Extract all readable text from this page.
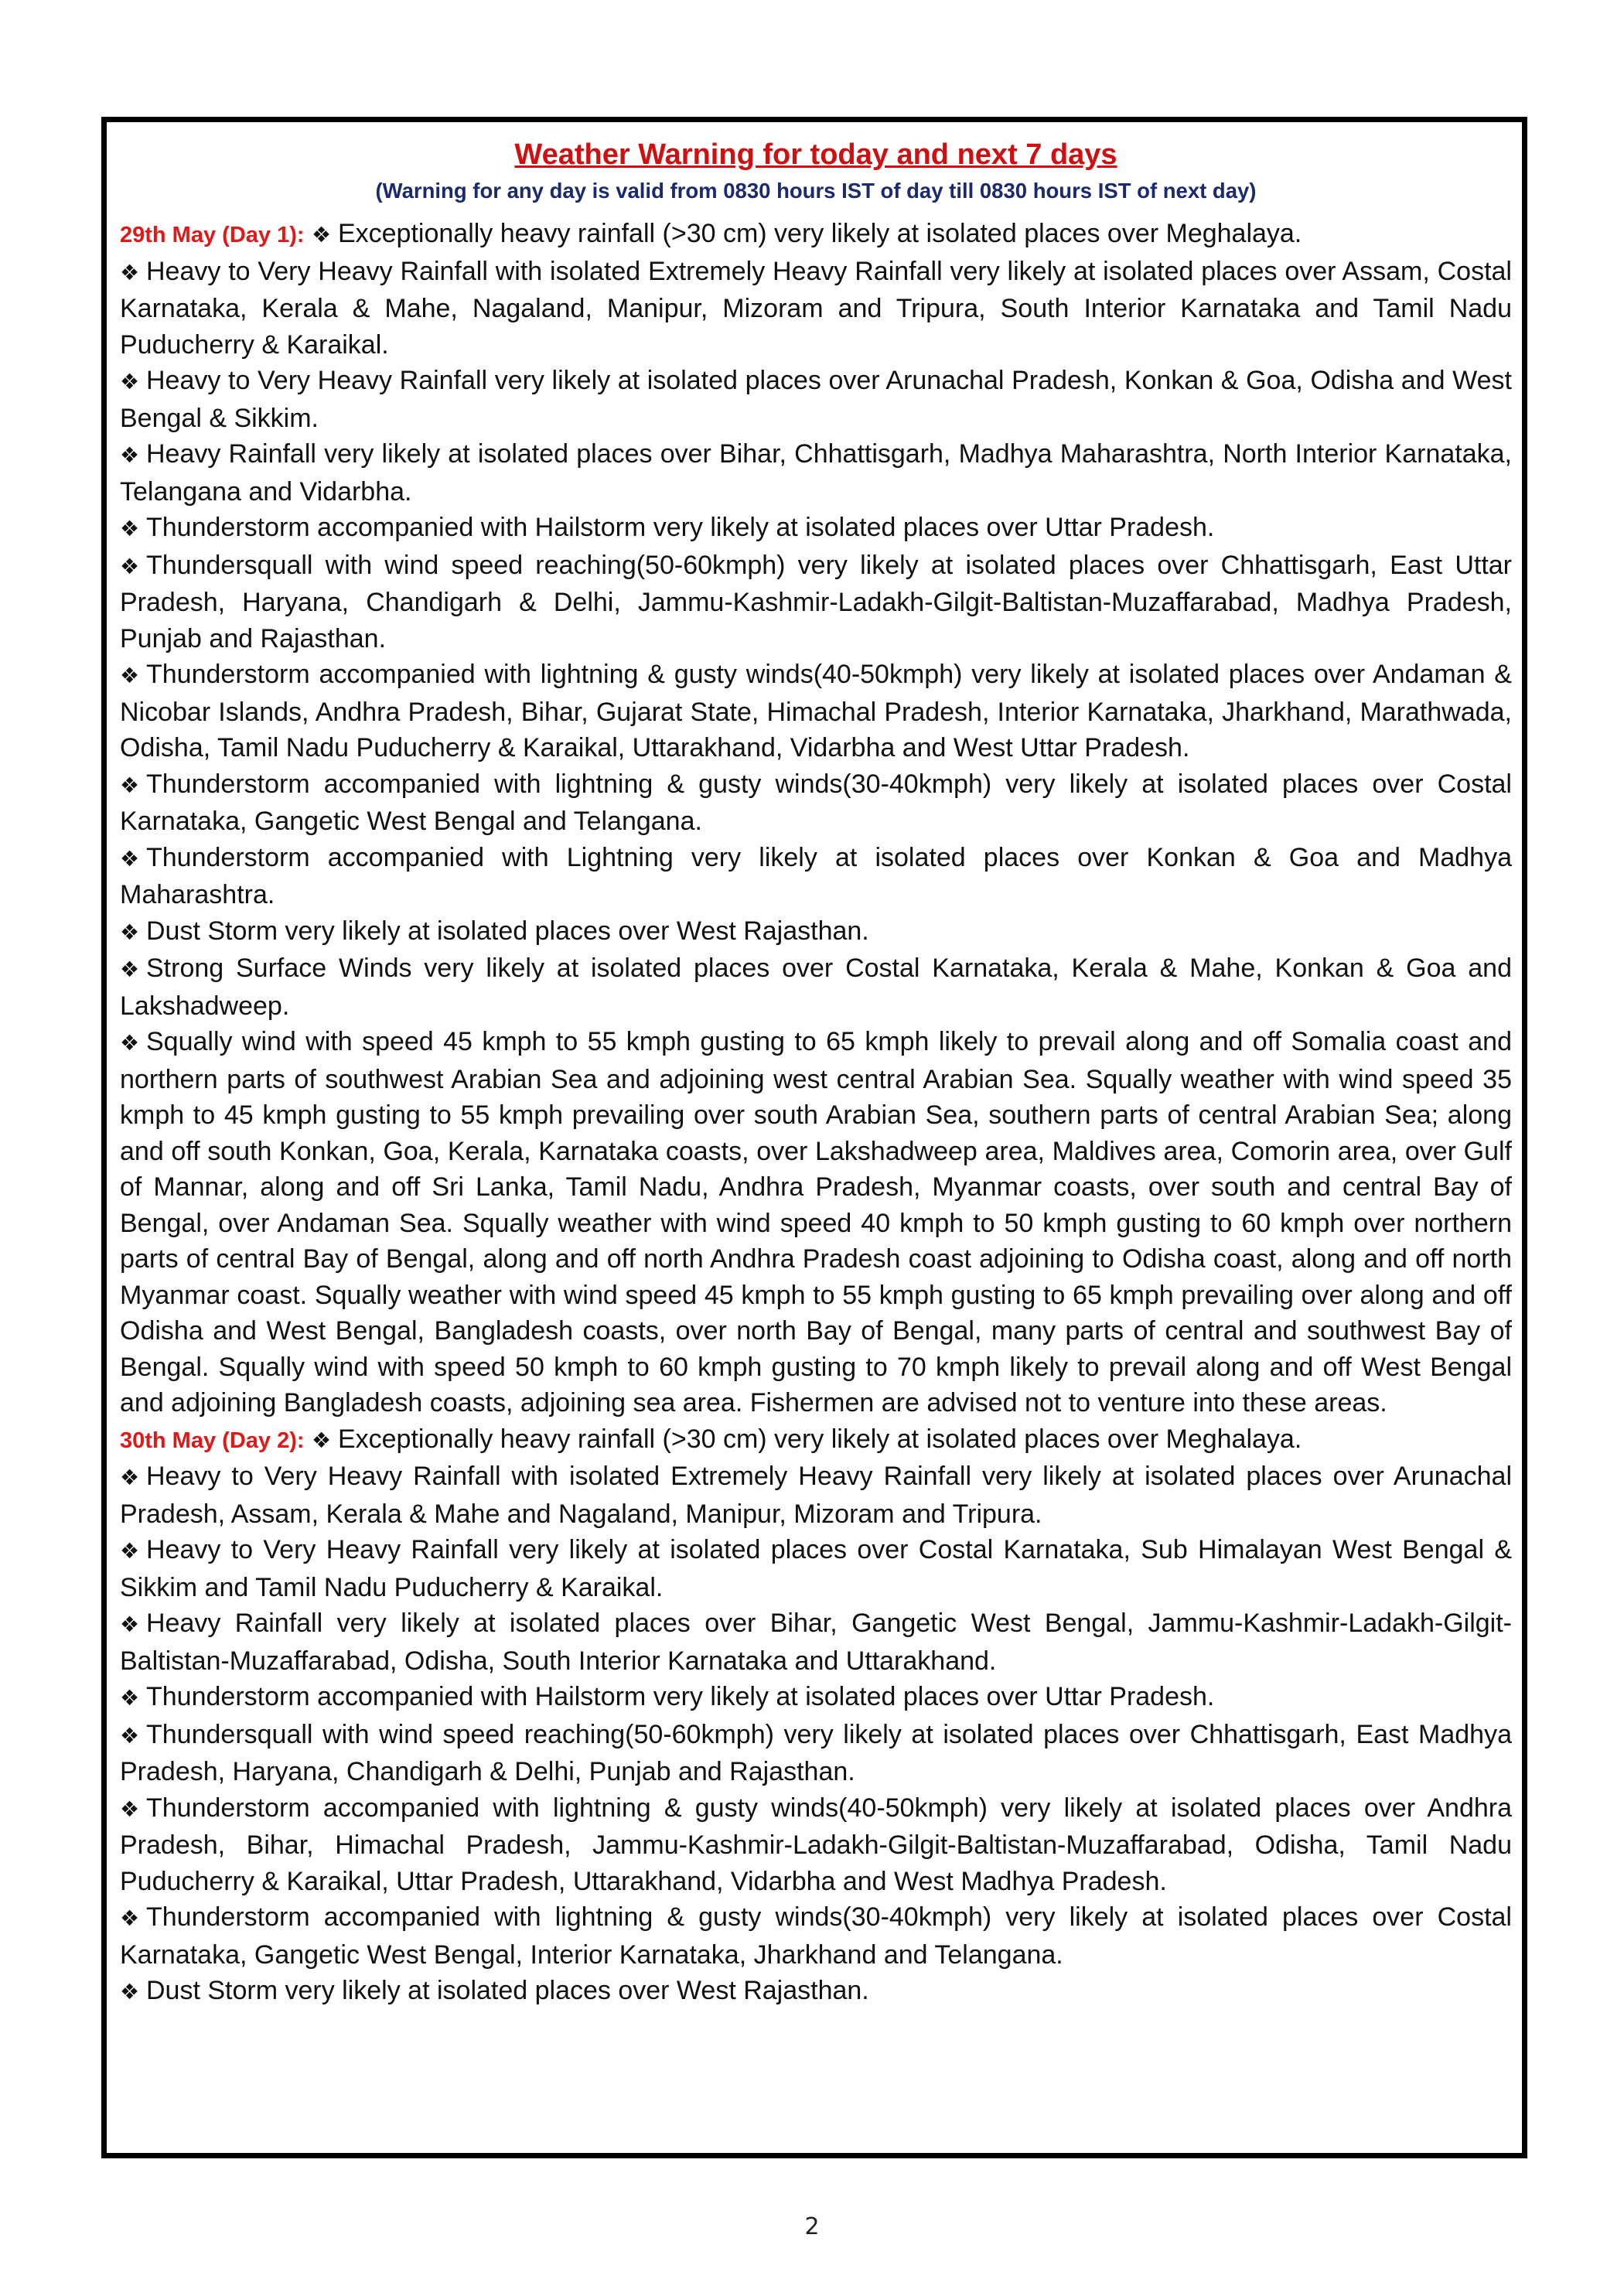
Weather Warning for today and next 7 days

(Warning for any day is valid from 0830 hours IST of day till 0830 hours IST of next day)

29th May (Day 1): ❖ Exceptionally heavy rainfall (>30 cm) very likely at isolated places over Meghalaya.

❖ Heavy to Very Heavy Rainfall with isolated Extremely Heavy Rainfall very likely at isolated places over Assam, Costal Karnataka, Kerala & Mahe, Nagaland, Manipur, Mizoram and Tripura, South Interior Karnataka and Tamil Nadu Puducherry & Karaikal.

❖ Heavy to Very Heavy Rainfall very likely at isolated places over Arunachal Pradesh, Konkan & Goa, Odisha and West Bengal & Sikkim.

❖ Heavy Rainfall very likely at isolated places over Bihar, Chhattisgarh, Madhya Maharashtra, North Interior Karnataka, Telangana and Vidarbha.

❖ Thunderstorm accompanied with Hailstorm very likely at isolated places over Uttar Pradesh.

❖ Thundersquall with wind speed reaching(50-60kmph) very likely at isolated places over Chhattisgarh, East Uttar Pradesh, Haryana, Chandigarh & Delhi, Jammu-Kashmir-Ladakh-Gilgit-Baltistan-Muzaffarabad, Madhya Pradesh, Punjab and Rajasthan.

❖ Thunderstorm accompanied with lightning & gusty winds(40-50kmph) very likely at isolated places over Andaman & Nicobar Islands, Andhra Pradesh, Bihar, Gujarat State, Himachal Pradesh, Interior Karnataka, Jharkhand, Marathwada, Odisha, Tamil Nadu Puducherry & Karaikal, Uttarakhand, Vidarbha and West Uttar Pradesh.

❖ Thunderstorm accompanied with lightning & gusty winds(30-40kmph) very likely at isolated places over Costal Karnataka, Gangetic West Bengal and Telangana.

❖ Thunderstorm accompanied with Lightning very likely at isolated places over Konkan & Goa and Madhya Maharashtra.

❖ Dust Storm very likely at isolated places over West Rajasthan.

❖ Strong Surface Winds very likely at isolated places over Costal Karnataka, Kerala & Mahe, Konkan & Goa and Lakshadweep.

❖ Squally wind with speed 45 kmph to 55 kmph gusting to 65 kmph likely to prevail along and off Somalia coast and northern parts of southwest Arabian Sea and adjoining west central Arabian Sea. Squally weather with wind speed 35 kmph to 45 kmph gusting to 55 kmph prevailing over south Arabian Sea, southern parts of central Arabian Sea; along and off south Konkan, Goa, Kerala, Karnataka coasts, over Lakshadweep area, Maldives area, Comorin area, over Gulf of Mannar, along and off Sri Lanka, Tamil Nadu, Andhra Pradesh, Myanmar coasts, over south and central Bay of Bengal, over Andaman Sea. Squally weather with wind speed 40 kmph to 50 kmph gusting to 60 kmph over northern parts of central Bay of Bengal, along and off north Andhra Pradesh coast adjoining to Odisha coast, along and off north Myanmar coast. Squally weather with wind speed 45 kmph to 55 kmph gusting to 65 kmph prevailing over along and off Odisha and West Bengal, Bangladesh coasts, over north Bay of Bengal, many parts of central and southwest Bay of Bengal. Squally wind with speed 50 kmph to 60 kmph gusting to 70 kmph likely to prevail along and off West Bengal and adjoining Bangladesh coasts, adjoining sea area. Fishermen are advised not to venture into these areas.

30th May (Day 2): ❖ Exceptionally heavy rainfall (>30 cm) very likely at isolated places over Meghalaya.

❖ Heavy to Very Heavy Rainfall with isolated Extremely Heavy Rainfall very likely at isolated places over Arunachal Pradesh, Assam, Kerala & Mahe and Nagaland, Manipur, Mizoram and Tripura.

❖ Heavy to Very Heavy Rainfall very likely at isolated places over Costal Karnataka, Sub Himalayan West Bengal & Sikkim and Tamil Nadu Puducherry & Karaikal.

❖ Heavy Rainfall very likely at isolated places over Bihar, Gangetic West Bengal, Jammu-Kashmir-Ladakh-Gilgit-Baltistan-Muzaffarabad, Odisha, South Interior Karnataka and Uttarakhand.

❖ Thunderstorm accompanied with Hailstorm very likely at isolated places over Uttar Pradesh.

❖ Thundersquall with wind speed reaching(50-60kmph) very likely at isolated places over Chhattisgarh, East Madhya Pradesh, Haryana, Chandigarh & Delhi, Punjab and Rajasthan.

❖ Thunderstorm accompanied with lightning & gusty winds(40-50kmph) very likely at isolated places over Andhra Pradesh, Bihar, Himachal Pradesh, Jammu-Kashmir-Ladakh-Gilgit-Baltistan-Muzaffarabad, Odisha, Tamil Nadu Puducherry & Karaikal, Uttar Pradesh, Uttarakhand, Vidarbha and West Madhya Pradesh.

❖ Thunderstorm accompanied with lightning & gusty winds(30-40kmph) very likely at isolated places over Costal Karnataka, Gangetic West Bengal, Interior Karnataka, Jharkhand and Telangana.

❖ Dust Storm very likely at isolated places over West Rajasthan.

2
